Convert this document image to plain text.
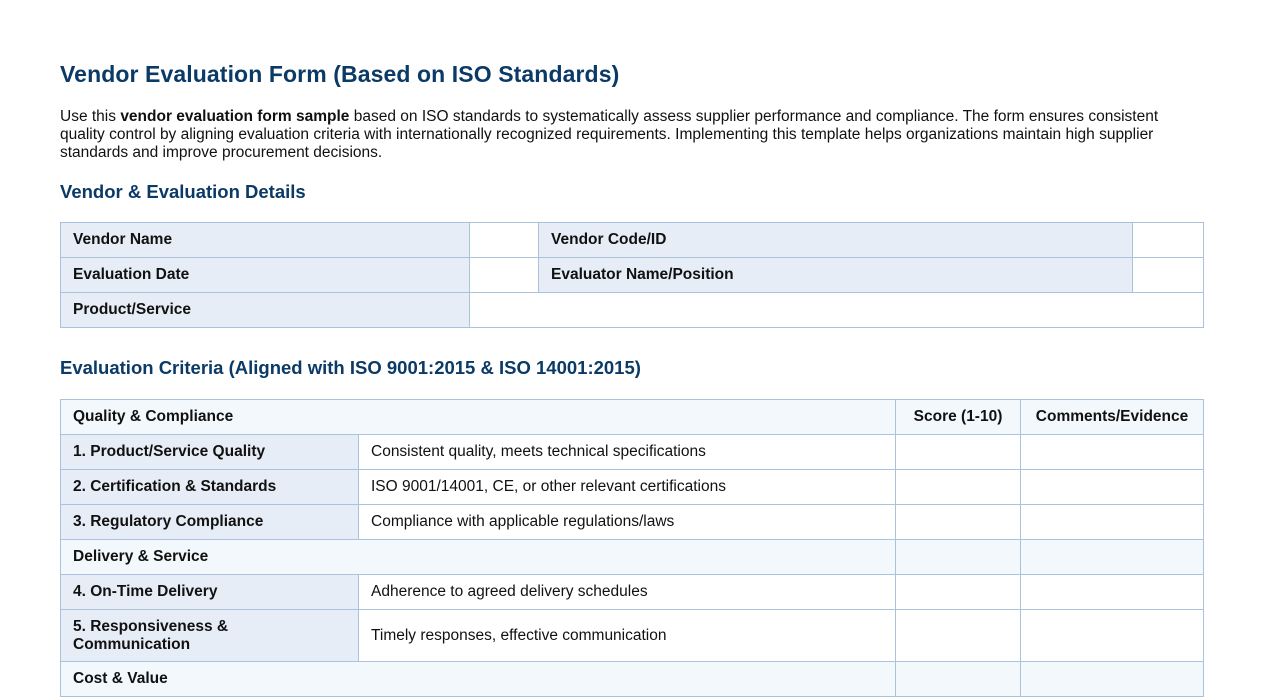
Vendor Evaluation Form (Based on ISO Standards)

Use this vendor evaluation form sample based on ISO standards to systematically assess supplier performance and compliance. The form ensures consistent quality control by aligning evaluation criteria with internationally recognized requirements. Implementing this template helps organizations maintain high supplier standards and improve procurement decisions.

Vendor & Evaluation Details
Vendor Name		Vendor Code/ID	
Evaluation Date		Evaluator Name/Position	
Product/Service			
Evaluation Criteria (Aligned with ISO 9001:2015 & ISO 14001:2015)
Quality & Compliance		Score (1-10)	Comments/Evidence
1. Product/Service Quality	Consistent quality, meets technical specifications		
2. Certification & Standards	ISO 9001/14001, CE, or other relevant certifications		
3. Regulatory Compliance	Compliance with applicable regulations/laws		
Delivery & Service			
4. On-Time Delivery	Adherence to agreed delivery schedules		
5. Responsiveness & Communication	Timely responses, effective communication		
Cost & Value			
